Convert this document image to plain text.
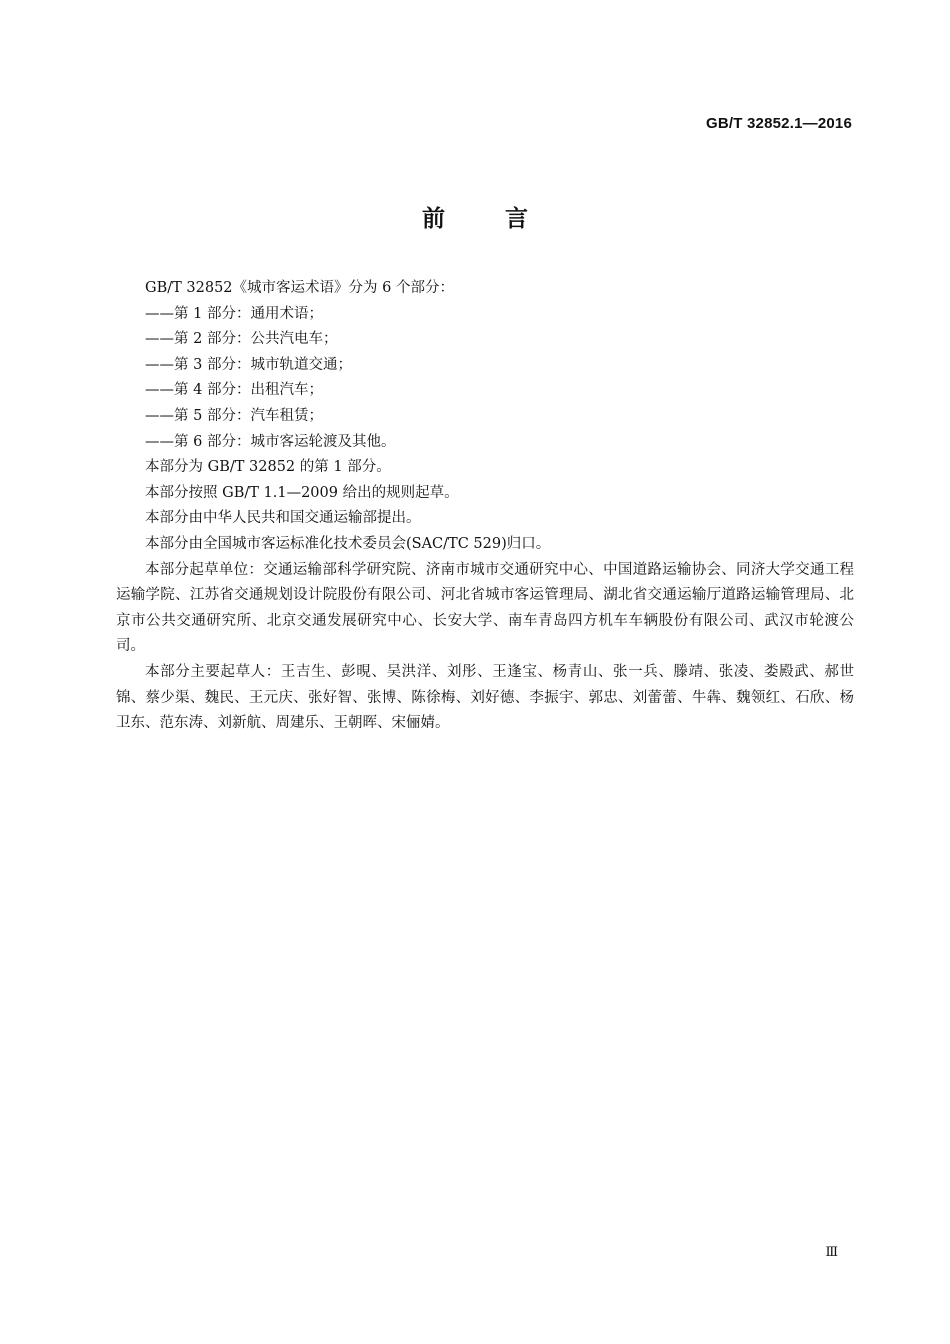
GB/T 32852.1—2016
前言

GB/T 32852《城市客运术语》分为 6 个部分：

——第 1 部分：通用术语；

——第 2 部分：公共汽电车；

——第 3 部分：城市轨道交通；

——第 4 部分：出租汽车；

——第 5 部分：汽车租赁；

——第 6 部分：城市客运轮渡及其他。

本部分为 GB/T 32852 的第 1 部分。

本部分按照 GB/T 1.1—2009 给出的规则起草。

本部分由中华人民共和国交通运输部提出。

本部分由全国城市客运标准化技术委员会(SAC/TC 529)归口。

本部分起草单位：交通运输部科学研究院、济南市城市交通研究中心、中国道路运输协会、同济大学交通工程运输学院、江苏省交通规划设计院股份有限公司、河北省城市客运管理局、湖北省交通运输厅道路运输管理局、北京市公共交通研究所、北京交通发展研究中心、长安大学、南车青岛四方机车车辆股份有限公司、武汉市轮渡公司。

本部分主要起草人：王吉生、彭晛、吴洪洋、刘彤、王逢宝、杨青山、张一兵、滕靖、张凌、娄殿武、郝世锦、蔡少渠、魏民、王元庆、张好智、张博、陈徐梅、刘好德、李振宇、郭忠、刘蕾蕾、牛犇、魏领红、石欣、杨卫东、范东涛、刘新航、周建乐、王朝晖、宋俪婧。

Ⅲ
